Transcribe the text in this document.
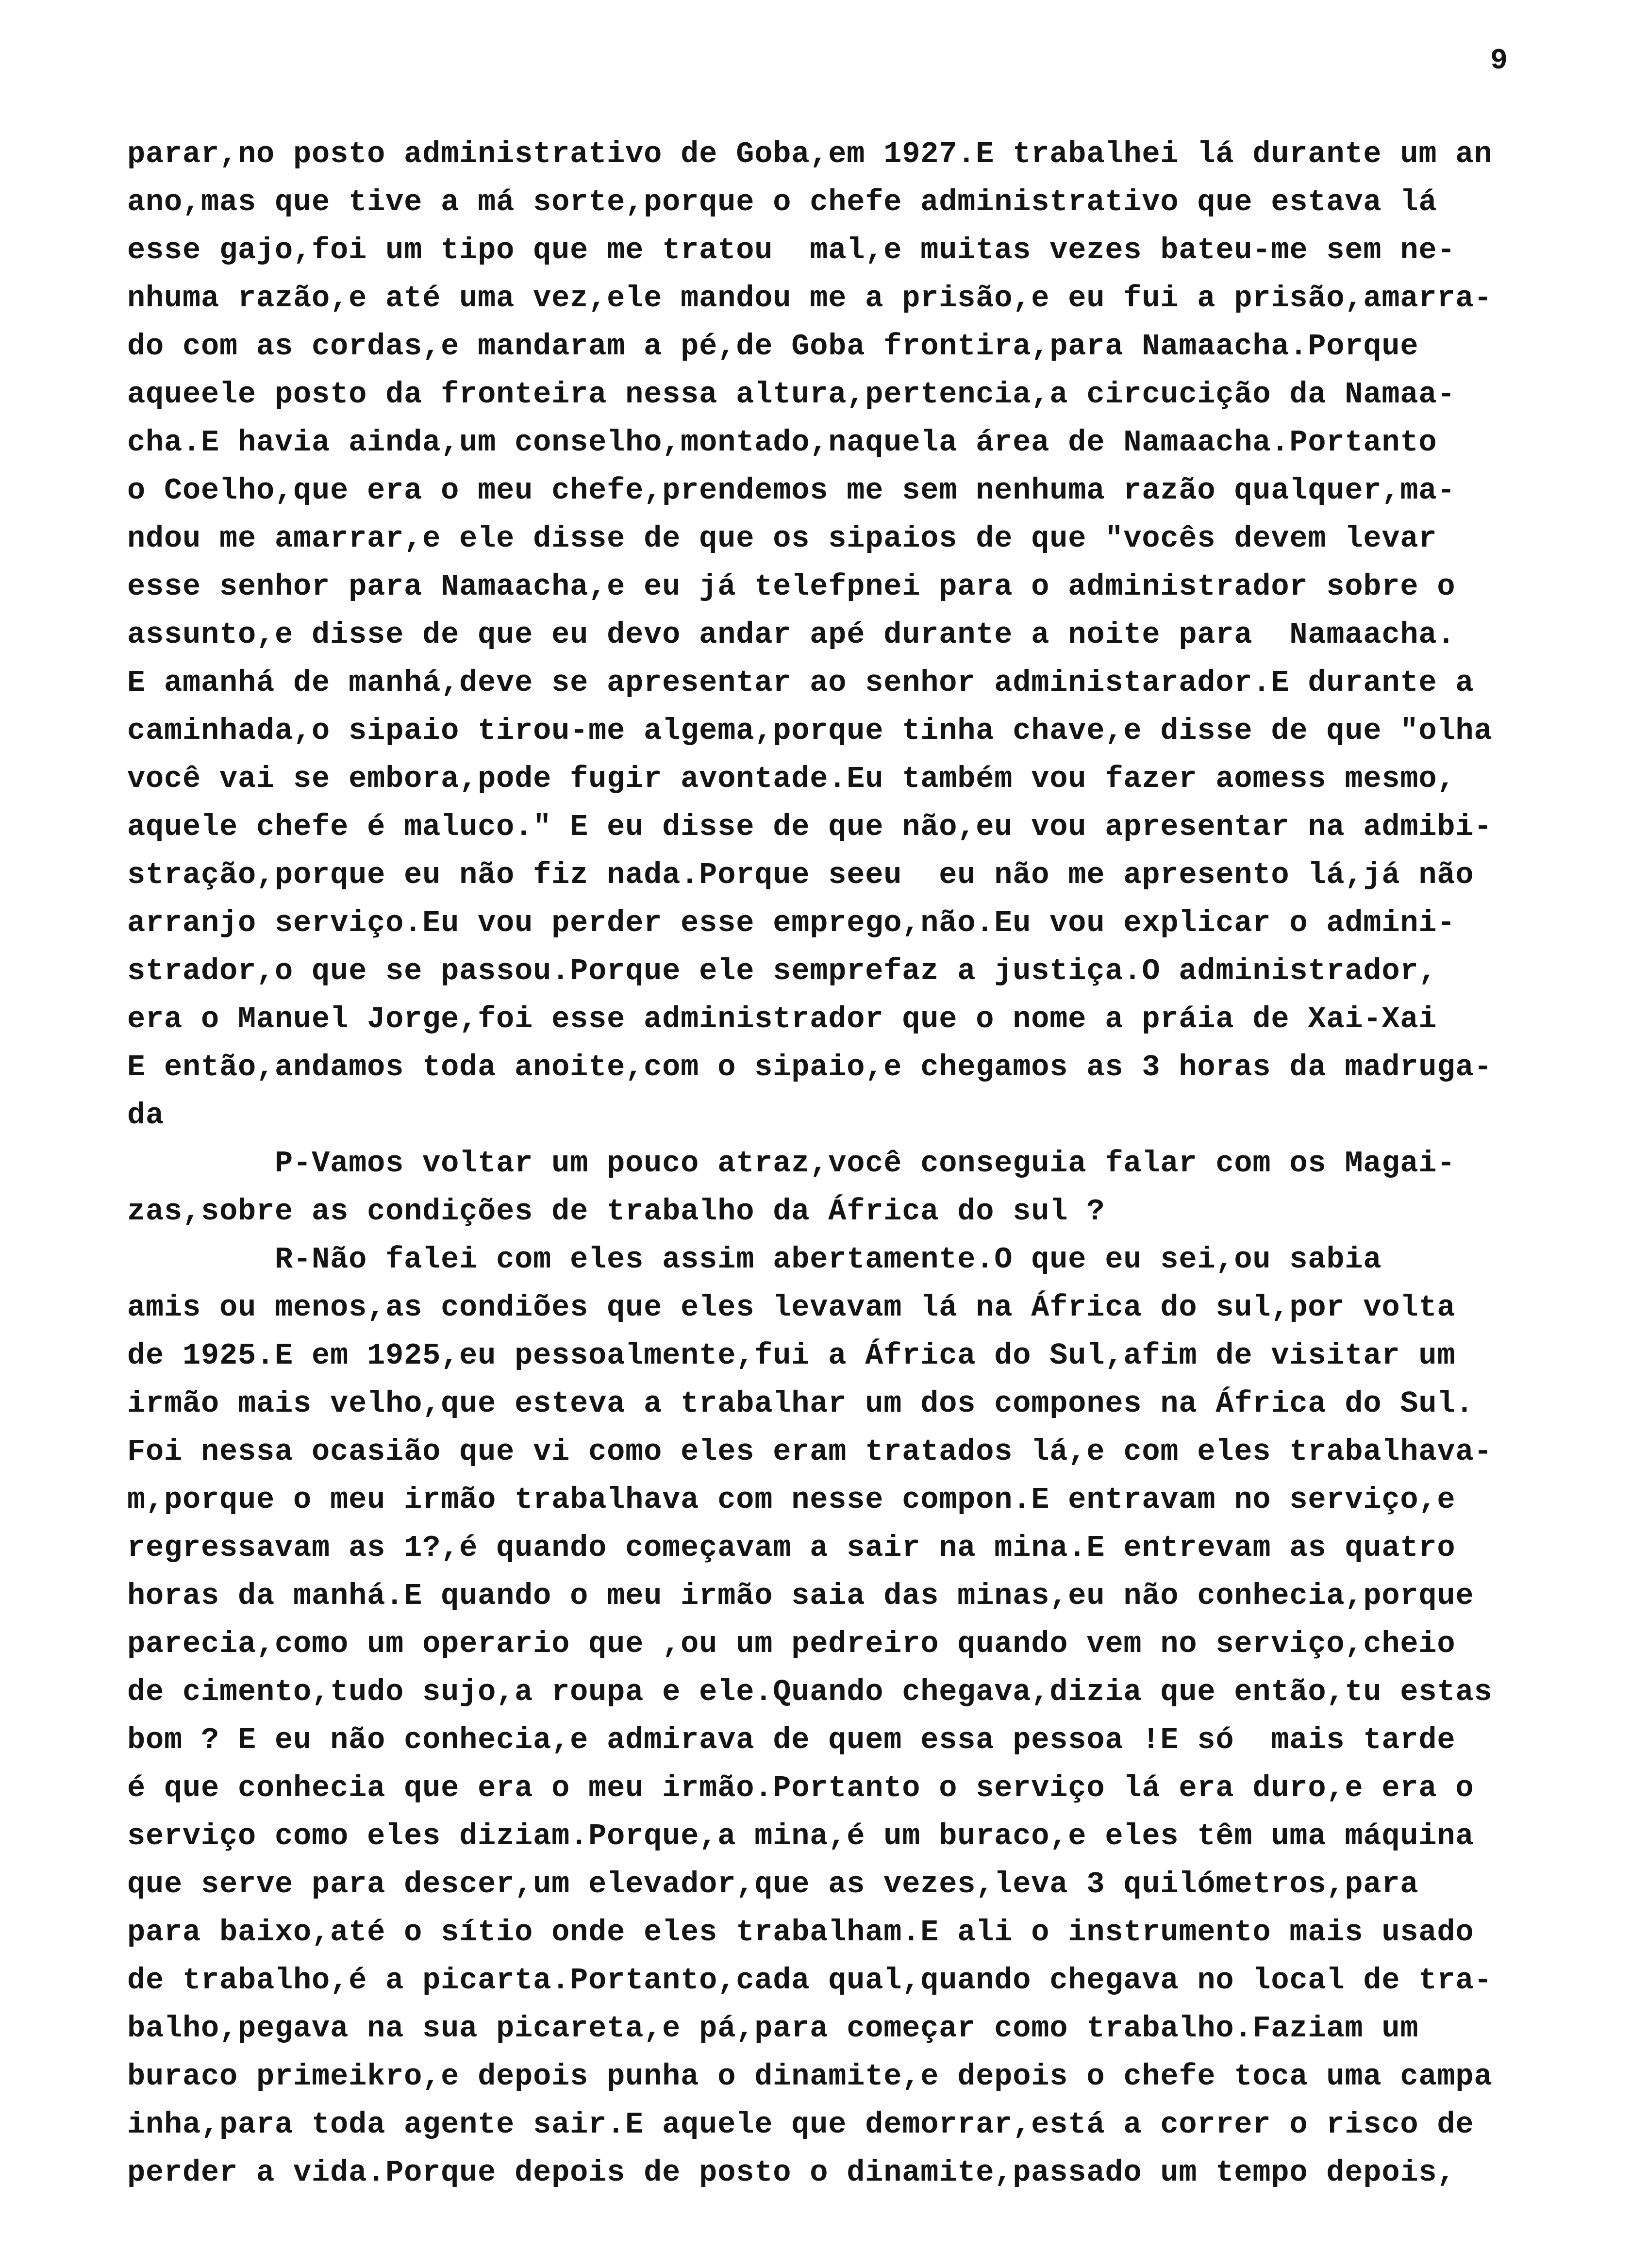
9
parar,no posto administrativo de Goba,em 1927.E trabalhei lá durante um an
ano,mas que tive a má sorte,porque o chefe administrativo que estava lá
esse gajo,foi um tipo que me tratou  mal,e muitas vezes bateu-me sem ne-
nhuma razão,e até uma vez,ele mandou me a prisão,e eu fui a prisão,amarra-
do com as cordas,e mandaram a pé,de Goba frontira,para Namaacha.Porque
aqueele posto da fronteira nessa altura,pertencia,a circucição da Namaa-
cha.E havia ainda,um conselho,montado,naquela área de Namaacha.Portanto
o Coelho,que era o meu chefe,prendemos me sem nenhuma razão qualquer,ma-
ndou me amarrar,e ele disse de que os sipaios de que "vocês devem levar
esse senhor para Namaacha,e eu já telefpnei para o administrador sobre o
assunto,e disse de que eu devo andar apé durante a noite para  Namaacha.
E amanhá de manhá,deve se apresentar ao senhor administarador.E durante a
caminhada,o sipaio tirou-me algema,porque tinha chave,e disse de que "olha
você vai se embora,pode fugir avontade.Eu também vou fazer aomess mesmo,
aquele chefe é maluco." E eu disse de que não,eu vou apresentar na admibi-
stração,porque eu não fiz nada.Porque seeu  eu não me apresento lá,já não
arranjo serviço.Eu vou perder esse emprego,não.Eu vou explicar o admini-
strador,o que se passou.Porque ele semprefaz a justiça.O administrador,
era o Manuel Jorge,foi esse administrador que o nome a práia de Xai-Xai
E então,andamos toda anoite,com o sipaio,e chegamos as 3 horas da madruga-
da
P-Vamos voltar um pouco atraz,você conseguia falar com os Magai-
zas,sobre as condições de trabalho da África do sul ?
R-Não falei com eles assim abertamente.O que eu sei,ou sabia
amis ou menos,as condiões que eles levavam lá na África do sul,por volta
de 1925.E em 1925,eu pessoalmente,fui a África do Sul,afim de visitar um
irmão mais velho,que esteva a trabalhar um dos compones na África do Sul.
Foi nessa ocasião que vi como eles eram tratados lá,e com eles trabalhava-
m,porque o meu irmão trabalhava com nesse compon.E entravam no serviço,e
regressavam as 1?,é quando começavam a sair na mina.E entrevam as quatro
horas da manhá.E quando o meu irmão saia das minas,eu não conhecia,porque
parecia,como um operario que ,ou um pedreiro quando vem no serviço,cheio
de cimento,tudo sujo,a roupa e ele.Quando chegava,dizia que então,tu estas
bom ? E eu não conhecia,e admirava de quem essa pessoa !E só  mais tarde
é que conhecia que era o meu irmão.Portanto o serviço lá era duro,e era o
serviço como eles diziam.Porque,a mina,é um buraco,e eles têm uma máquina
que serve para descer,um elevador,que as vezes,leva 3 quilómetros,para
para baixo,até o sítio onde eles trabalham.E ali o instrumento mais usado
de trabalho,é a picarta.Portanto,cada qual,quando chegava no local de tra-
balho,pegava na sua picareta,e pá,para começar como trabalho.Faziam um
buraco primeikro,e depois punha o dinamite,e depois o chefe toca uma campa
inha,para toda agente sair.E aquele que demorrar,está a correr o risco de
perder a vida.Porque depois de posto o dinamite,passado um tempo depois,
